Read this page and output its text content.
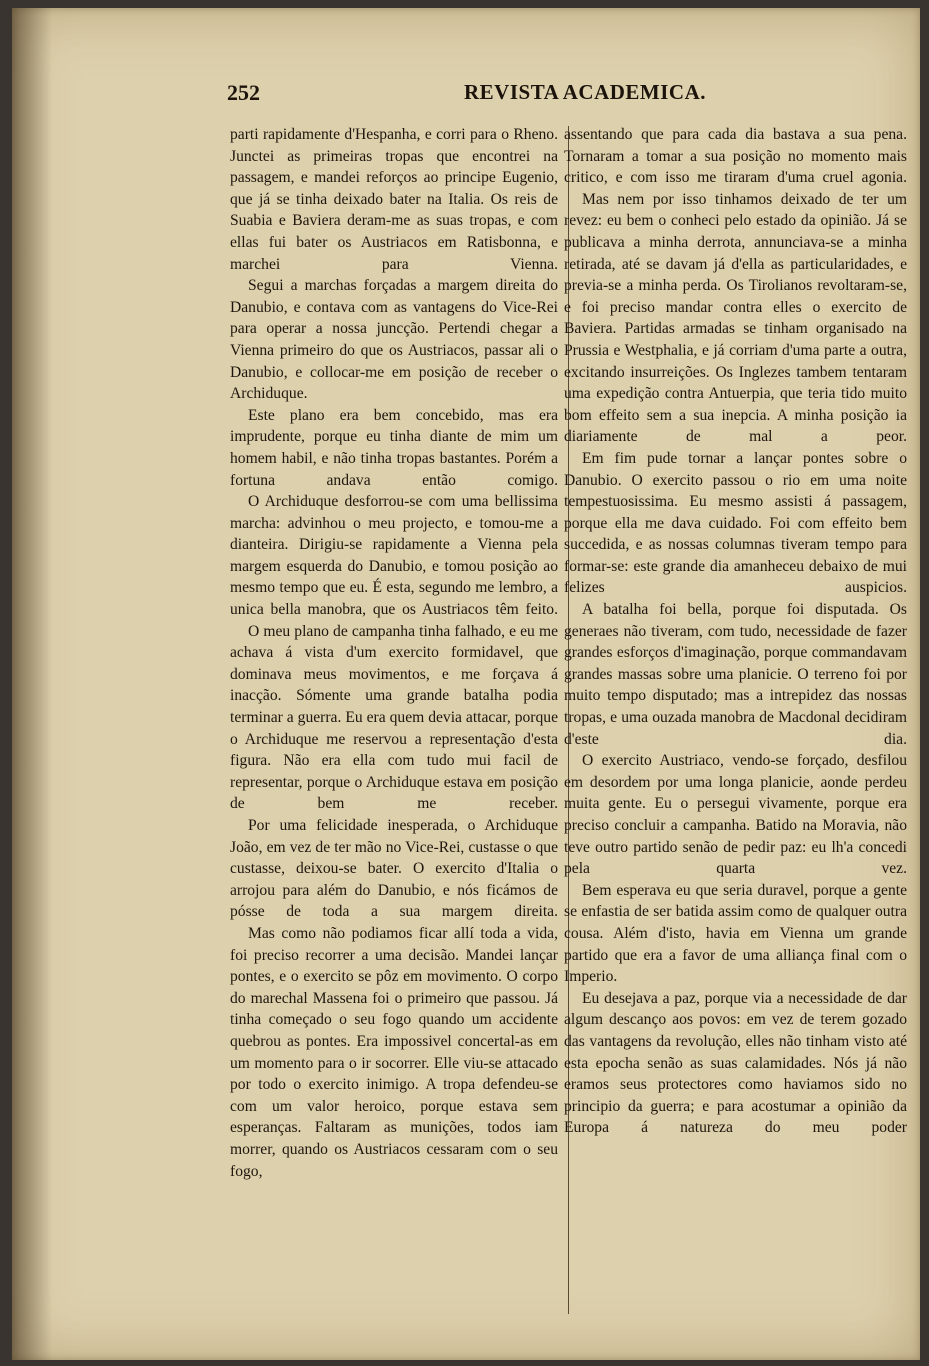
252	REVISTA ACADEMICA.

parti rapidamente d'Hespanha, e corri para o Rheno. Junctei as primeiras tropas que encontrei na passagem, e mandei reforços ao principe Eugenio, que já se tinha deixado bater na Italia. Os reis de Suabia e Baviera deram-me as suas tropas, e com ellas fui bater os Austriacos em Ratisbonna, e marchei para Vienna.

Segui a marchas forçadas a margem direita do Danubio, e contava com as vantagens do Vice-Rei para operar a nossa juncção. Pertendi chegar a Vienna primeiro do que os Austriacos, passar ali o Danubio, e collocar-me em posição de receber o Archiduque.

Este plano era bem concebido, mas era imprudente, porque eu tinha diante de mim um homem habil, e não tinha tropas bastantes. Porém a fortuna andava então comigo.

O Archiduque desforrou-se com uma bellissima marcha: advinhou o meu projecto, e tomou-me a dianteira. Dirigiu-se rapidamente a Vienna pela margem esquerda do Danubio, e tomou posição ao mesmo tempo que eu. É esta, segundo me lembro, a unica bella manobra, que os Austriacos têm feito.

O meu plano de campanha tinha falhado, e eu me achava á vista d'um exercito formidavel, que dominava meus movimentos, e me forçava á inacção. Sómente uma grande batalha podia terminar a guerra. Eu era quem devia attacar, porque o Archiduque me reservou a representação d'esta figura. Não era ella com tudo mui facil de representar, porque o Archiduque estava em posição de bem me receber.

Por uma felicidade inesperada, o Archiduque João, em vez de ter mão no Vice-Rei, custasse o que custasse, deixou-se bater. O exercito d'Italia o arrojou para além do Danubio, e nós ficámos de pósse de toda a sua margem direita.

Mas como não podiamos ficar allí toda a vida, foi preciso recorrer a uma decisão. Mandei lançar pontes, e o exercito se pôz em movimento. O corpo do marechal Massena foi o primeiro que passou. Já tinha começado o seu fogo quando um accidente quebrou as pontes. Era impossivel concertal-as em um momento para o ir socorrer. Elle viu-se attacado por todo o exercito inimigo. A tropa defendeu-se com um valor heroico, porque estava sem esperanças. Faltaram as munições, todos iam morrer, quando os Austriacos cessaram com o seu fogo,

assentando que para cada dia bastava a sua pena. Tornaram a tomar a sua posição no momento mais critico, e com isso me tiraram d'uma cruel agonia.

Mas nem por isso tinhamos deixado de ter um revez: eu bem o conheci pelo estado da opinião. Já se publicava a minha derrota, annunciava-se a minha retirada, até se davam já d'ella as particularidades, e previa-se a minha perda. Os Tirolianos revoltaram-se, e foi preciso mandar contra elles o exercito de Baviera. Partidas armadas se tinham organisado na Prussia e Westphalia, e já corriam d'uma parte a outra, excitando insurreições. Os Inglezes tambem tentaram uma expedição contra Antuerpia, que teria tido muito bom effeito sem a sua inepcia. A minha posição ia diariamente de mal a peor.

Em fim pude tornar a lançar pontes sobre o Danubio. O exercito passou o rio em uma noite tempestuosissima. Eu mesmo assisti á passagem, porque ella me dava cuidado. Foi com effeito bem succedida, e as nossas columnas tiveram tempo para formar-se: este grande dia amanheceu debaixo de mui felizes auspicios.

A batalha foi bella, porque foi disputada. Os generaes não tiveram, com tudo, necessidade de fazer grandes esforços d'imaginação, porque commandavam grandes massas sobre uma planicie. O terreno foi por muito tempo disputado; mas a intrepidez das nossas tropas, e uma ouzada manobra de Macdonal decidiram d'este dia.

O exercito Austriaco, vendo-se forçado, desfilou em desordem por uma longa planicie, aonde perdeu muita gente. Eu o persegui vivamente, porque era preciso concluir a campanha. Batido na Moravia, não teve outro partido senão de pedir paz: eu lh'a concedi pela quarta vez.

Bem esperava eu que seria duravel, porque a gente se enfastia de ser batida assim como de qualquer outra cousa. Além d'isto, havia em Vienna um grande partido que era a favor de uma alliança final com o Imperio.

Eu desejava a paz, porque via a necessidade de dar algum descanço aos povos: em vez de terem gozado das vantagens da revolução, elles não tinham visto até esta epocha senão as suas calamidades. Nós já não eramos seus protectores como haviamos sido no principio da guerra; e para acostumar a opinião da Europa á natureza do meu poder
